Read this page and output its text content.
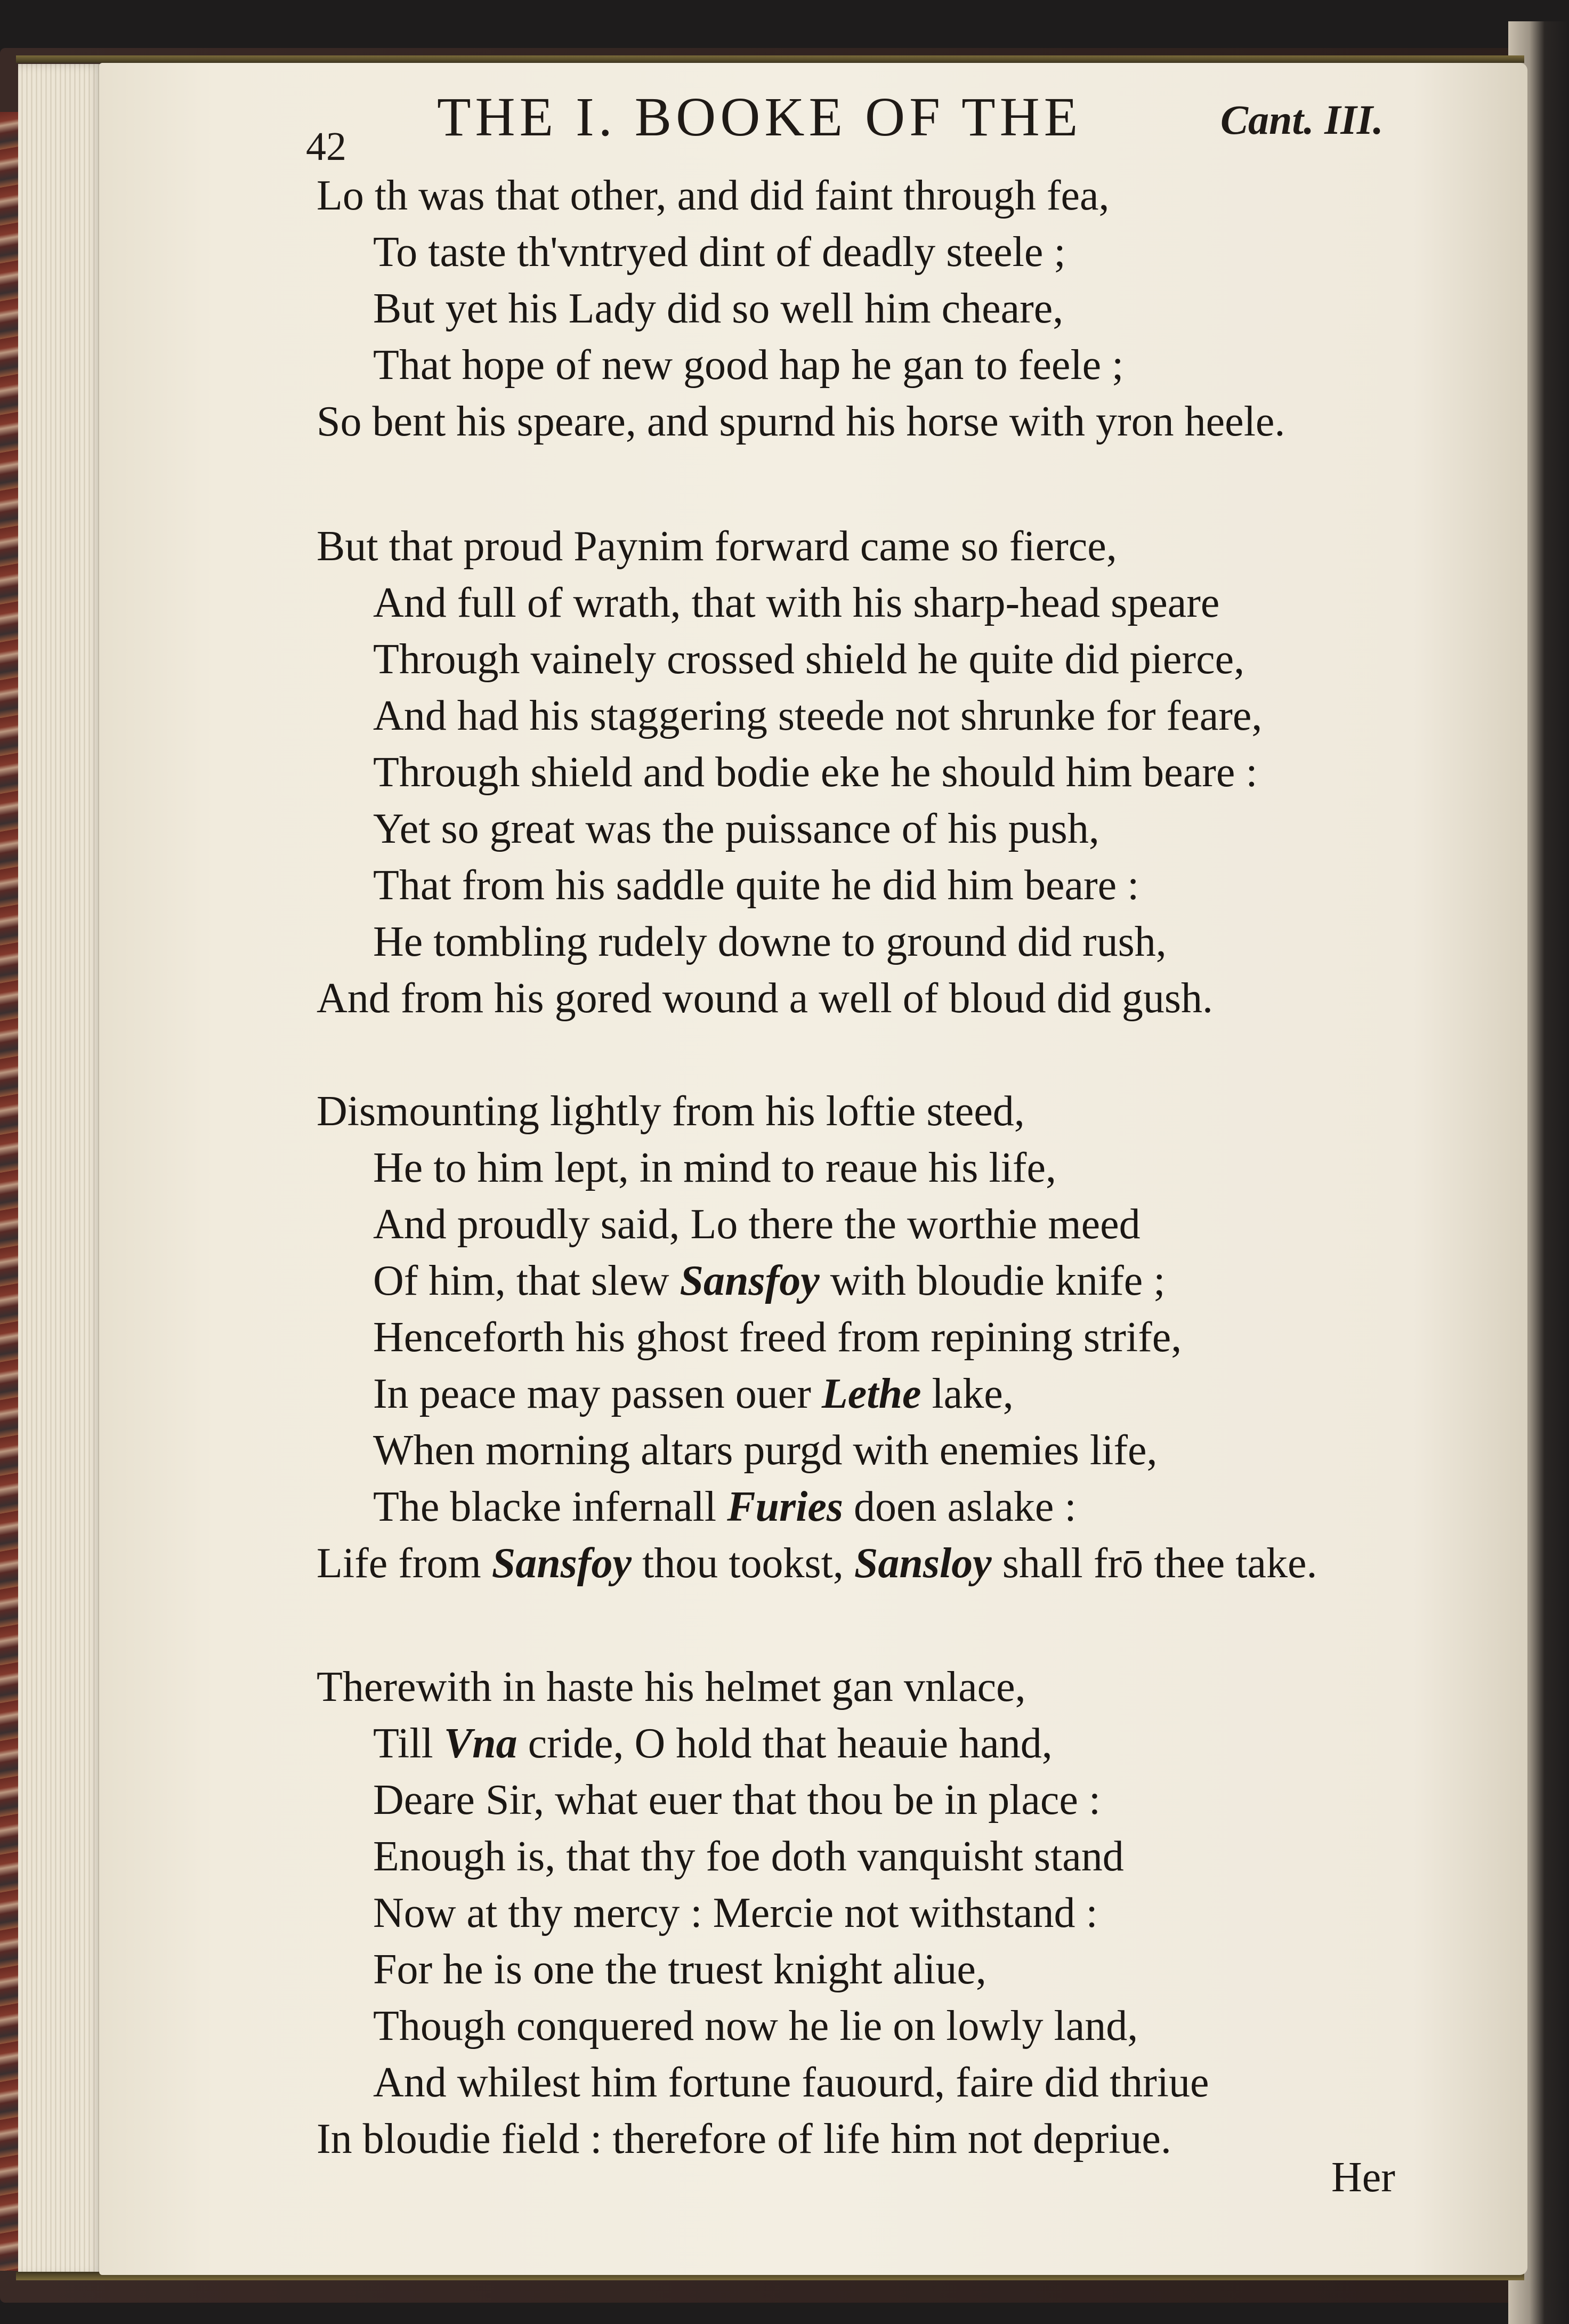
42 THE I. BOOKE OF THE	Cant. III.
Lo th was that other, and did faint through fea,
To taste th'vntryed dint of deadly steele ;
But yet his Lady did so well him cheare,
That hope of new good hap he gan to feele ;
So bent his speare, and spurnd his horse with yron heele.
But that proud Paynim forward came so fierce,
And full of wrath, that with his sharp-head speare
Through vainely crossed shield he quite did pierce,
And had his staggering steede not shrunke for feare,
Through shield and bodie eke he should him beare :
Yet so great was the puissance of his push,
That from his saddle quite he did him beare :
He tombling rudely downe to ground did rush,
And from his gored wound a well of bloud did gush.
Dismounting lightly from his loftie steed,
He to him lept, in mind to reaue his life,
And proudly said, Lo there the worthie meed
Of him, that slew Sansfoy with bloudie knife ;
Henceforth his ghost freed from repining strife,
In peace may passen ouer Lethe lake,
When morning altars purgd with enemies life,
The blacke infernall Furies doen aslake :
Life from Sansfoy thou tookst, Sansloy shall frō thee take.
Therewith in haste his helmet gan vnlace,
Till Vna cride, O hold that heauie hand,
Deare Sir, what euer that thou be in place :
Enough is, that thy foe doth vanquisht stand
Now at thy mercy : Mercie not withstand :
For he is one the truest knight aliue,
Though conquered now he lie on lowly land,
And whilest him fortune fauourd, faire did thriue
In bloudie field : therefore of life him not depriue.
Her
